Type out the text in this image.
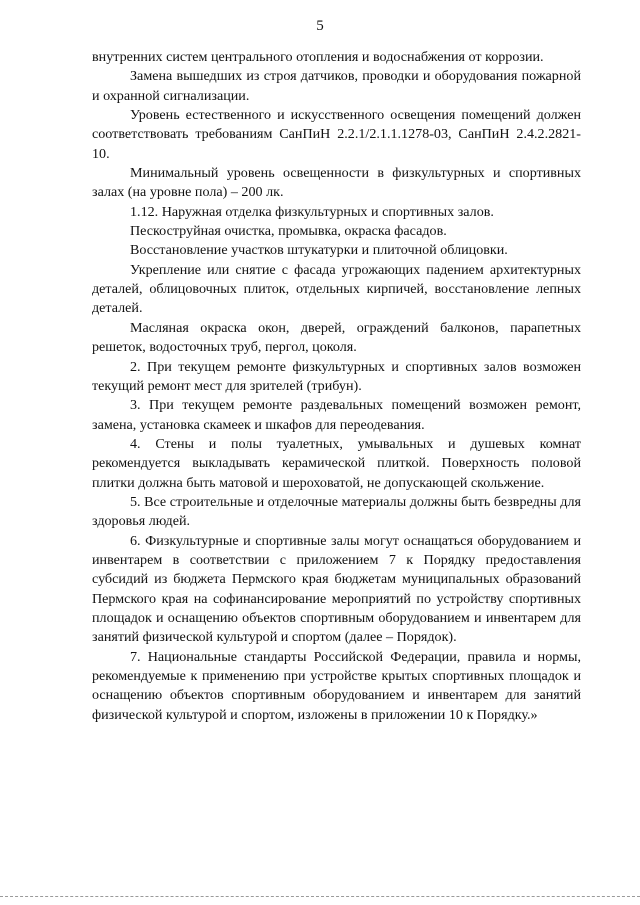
5

внутренних систем центрального отопления и водоснабжения от коррозии.

Замена вышедших из строя датчиков, проводки и оборудования пожарной и охранной сигнализации.

Уровень естественного и искусственного освещения помещений должен соответствовать требованиям СанПиН 2.2.1/2.1.1.1278-03, СанПиН 2.4.2.2821-10.

Минимальный уровень освещенности в физкультурных и спортивных залах (на уровне пола) – 200 лк.

1.12. Наружная отделка физкультурных и спортивных залов.

Пескоструйная очистка, промывка, окраска фасадов.

Восстановление участков штукатурки и плиточной облицовки.

Укрепление или снятие с фасада угрожающих падением архитектурных деталей, облицовочных плиток, отдельных кирпичей, восстановление лепных деталей.

Масляная окраска окон, дверей, ограждений балконов, парапетных решеток, водосточных труб, пергол, цоколя.

2. При текущем ремонте физкультурных и спортивных залов возможен текущий ремонт мест для зрителей (трибун).

3. При текущем ремонте раздевальных помещений возможен ремонт, замена, установка скамеек и шкафов для переодевания.

4. Стены и полы туалетных, умывальных и душевых комнат рекомендуется выкладывать керамической плиткой. Поверхность половой плитки должна быть матовой и шероховатой, не допускающей скольжение.

5. Все строительные и отделочные материалы должны быть безвредны для здоровья людей.

6. Физкультурные и спортивные залы могут оснащаться оборудованием и инвентарем в соответствии с приложением 7 к Порядку предоставления субсидий из бюджета Пермского края бюджетам муниципальных образований Пермского края на софинансирование мероприятий по устройству спортивных площадок и оснащению объектов спортивным оборудованием и инвентарем для занятий физической культурой и спортом (далее – Порядок).

7. Национальные стандарты Российской Федерации, правила и нормы, рекомендуемые к применению при устройстве крытых спортивных площадок и оснащению объектов спортивным оборудованием и инвентарем для занятий физической культурой и спортом, изложены в приложении 10 к Порядку.»
